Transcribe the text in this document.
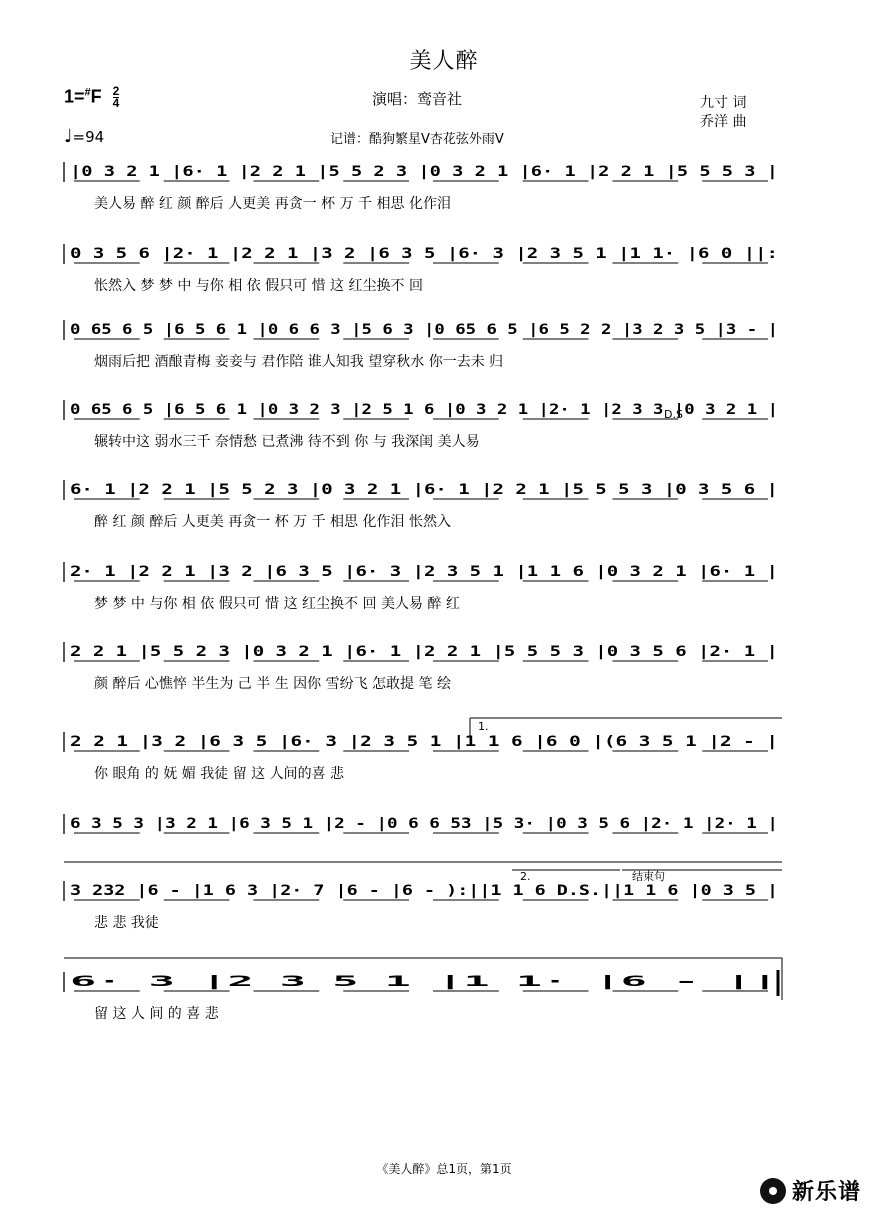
美人醉
$1=^{\#}F \frac{2}{4}$	演唱：鸾音社
♩=94	记谱：酷狗繁星V杏花弦外雨V
九寸 词
乔洋 曲
|0 3 2 1 |6· 1 |2 2 1 |5 5 2 3 |0 3 2 1 |6· 1 |2 2 1 |5 5 5 3 |
美人易 醉 红 颜 醉后 人更美 再贪一 杯 万 千 相思 化作泪
0 3 5 6 |2· 1 |2 2 1 |3 2 |6 3 5 |6· 3 |2 3 5 1 |1 1· |6 0 ||:
怅然入 梦 梦 中 与你 相 依 假只可 惜 这 红尘换不 回
0 65 6 5 |6 5 6 1 |0 6 6 3 |5 6 3 |0 65 6 5 |6 5 2 2 |3 2 3 5 |3 - |
烟雨后把 酒酿青梅 妾妾与 君作陪 谁人知我 望穿秋水 你一去未 归
0 65 6 5 |6 5 6 1 |0 3 2 3 |2 5 1 6 |0 3 2 1 |2· 1 |2 3 3 |0 3 2 1 |
辗转中这 弱水三千 奈情愁 已煮沸 待不到 你 与 我深闺 美人易
6· 1 |2 2 1 |5 5 2 3 |0 3 2 1 |6· 1 |2 2 1 |5 5 5 3 |0 3 5 6 |
醉 红 颜 醉后 人更美 再贪一 杯 万 千 相思 化作泪 怅然入
2· 1 |2 2 1 |3 2 |6 3 5 |6· 3 |2 3 5 1 |1 1 6 |0 3 2 1 |6· 1 |
梦 梦 中 与你 相 依 假只可 惜 这 红尘换不 回 美人易 醉 红
2 2 1 |5 5 2 3 |0 3 2 1 |6· 1 |2 2 1 |5 5 5 3 |0 3 5 6 |2· 1 |
颜 醉后 心憔悴 半生为 己 半 生 因你 雪纷飞 怎敢提 笔 绘
2 2 1 |3 2 |6 3 5 |6· 3 |2 3 5 1 |1 1 6 |6 0 |(6 3 5 1 |2 - |
你 眼角 的 妩 媚 我徒 留 这 人间的喜 悲
6 3 5 3 |3 2 1 |6 3 5 1 |2 - |0 6 6 53 |5 3· |0 3 5 6 |2· 1 |2· 1 |
3 232 |6 - |1 6 3 |2· 7 |6 - |6 - ):||1 1 6 D.S.||1 1 6 |0 3 5 |
悲 悲 我徒
6· 3 |2 3 5 1 |1 1· |6 - ||
留 这 人 间 的 喜 悲
1.
2.	结束句
D.S
《美人醉》总1页，第1页
新乐谱
